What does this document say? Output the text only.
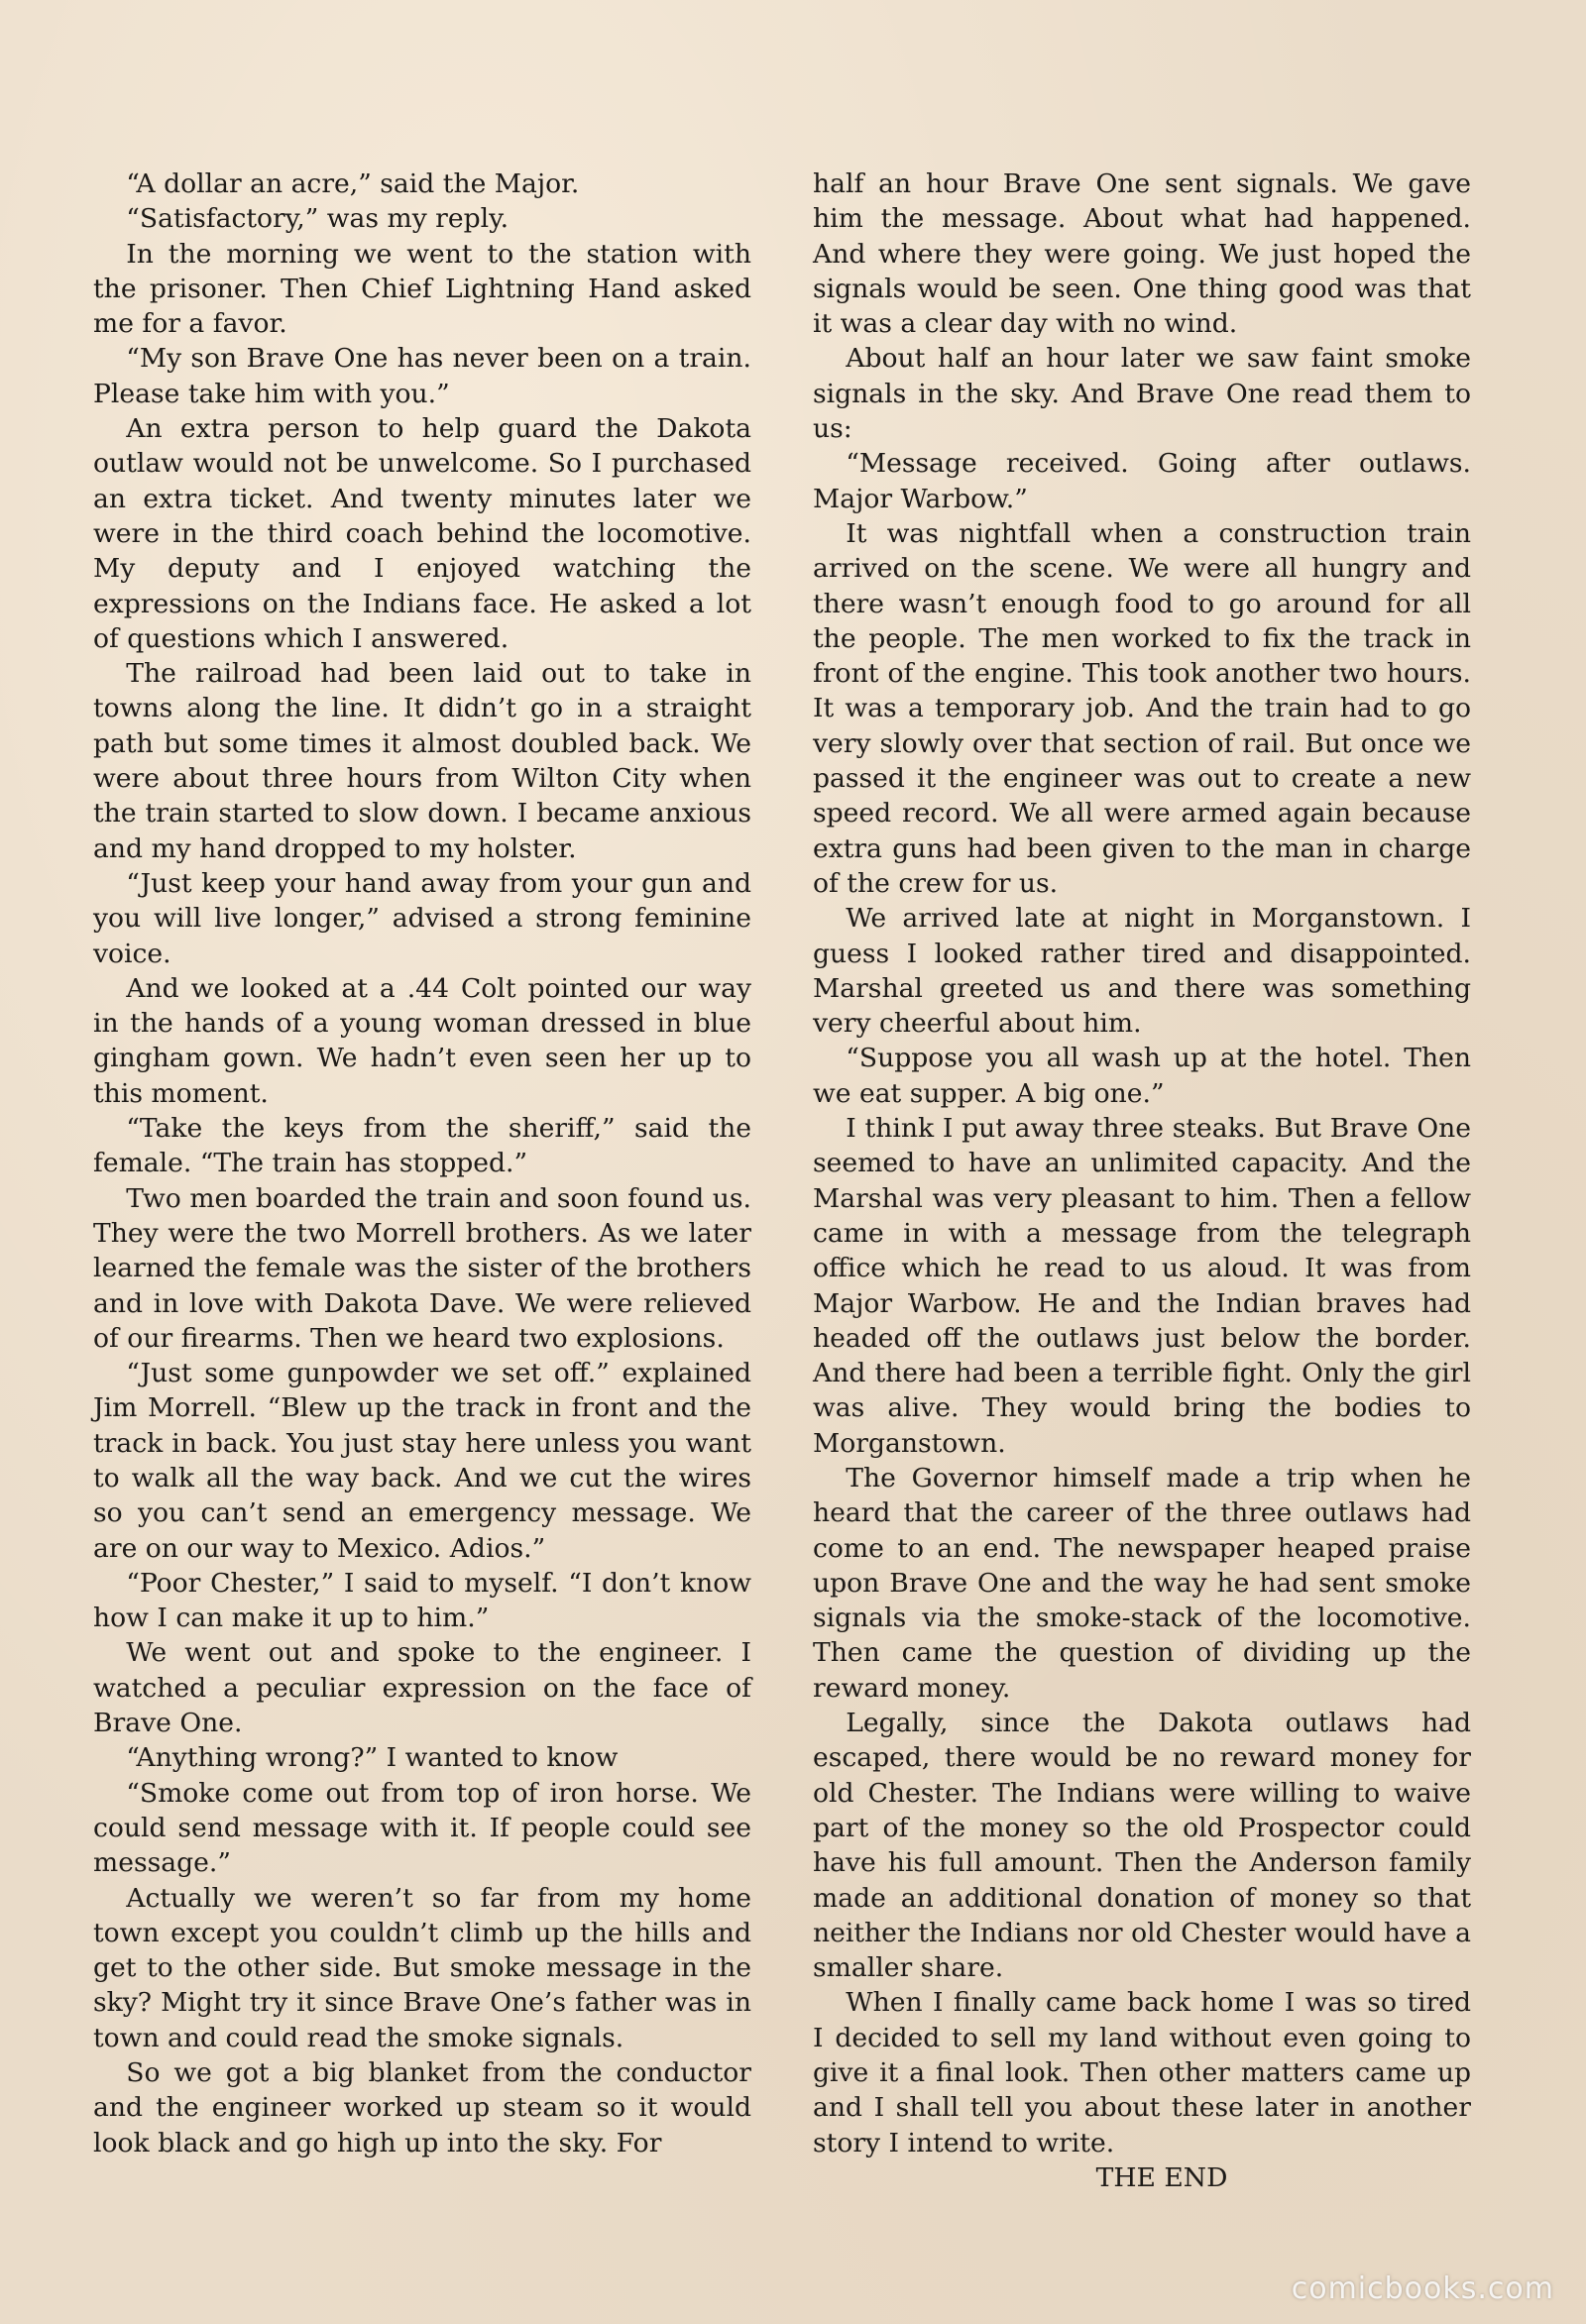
“A dollar an acre,” said the Major.

“Satisfactory,” was my reply.

In the morning we went to the station with the prisoner. Then Chief Lightning Hand asked me for a favor.

“My son Brave One has never been on a train. Please take him with you.”

An extra person to help guard the Dakota outlaw would not be unwelcome. So I purchased an extra ticket. And twenty minutes later we were in the third coach behind the locomotive. My deputy and I enjoyed watching the expressions on the Indians face. He asked a lot of questions which I answered.

The railroad had been laid out to take in towns along the line. It didn’t go in a straight path but some times it almost doubled back. We were about three hours from Wilton City when the train started to slow down. I became anxious and my hand dropped to my holster.

“Just keep your hand away from your gun and you will live longer,” advised a strong feminine voice.

And we looked at a .44 Colt pointed our way in the hands of a young woman dressed in blue gingham gown. We hadn’t even seen her up to this moment.

“Take the keys from the sheriff,” said the female. “The train has stopped.”

Two men boarded the train and soon found us. They were the two Morrell brothers. As we later learned the female was the sister of the brothers and in love with Dakota Dave. We were relieved of our firearms. Then we heard two explosions.

“Just some gunpowder we set off.” explained Jim Morrell. “Blew up the track in front and the track in back. You just stay here unless you want to walk all the way back. And we cut the wires so you can’t send an emergency message. We are on our way to Mexico. Adios.”

“Poor Chester,” I said to myself. “I don’t know how I can make it up to him.”

We went out and spoke to the engineer. I watched a peculiar expression on the face of Brave One.

“Anything wrong?” I wanted to know

“Smoke come out from top of iron horse. We could send message with it. If people could see message.”

Actually we weren’t so far from my home town except you couldn’t climb up the hills and get to the other side. But smoke message in the sky? Might try it since Brave One’s father was in town and could read the smoke signals.

So we got a big blanket from the conductor and the engineer worked up steam so it would look black and go high up into the sky. For

half an hour Brave One sent signals. We gave him the message. About what had happened. And where they were going. We just hoped the signals would be seen. One thing good was that it was a clear day with no wind.

About half an hour later we saw faint smoke signals in the sky. And Brave One read them to us:

“Message received. Going after outlaws. Major Warbow.”

It was nightfall when a construction train arrived on the scene. We were all hungry and there wasn’t enough food to go around for all the people. The men worked to fix the track in front of the engine. This took another two hours. It was a temporary job. And the train had to go very slowly over that section of rail. But once we passed it the engineer was out to create a new speed record. We all were armed again because extra guns had been given to the man in charge of the crew for us.

We arrived late at night in Morganstown. I guess I looked rather tired and disappointed. Marshal greeted us and there was something very cheerful about him.

“Suppose you all wash up at the hotel. Then we eat supper. A big one.”

I think I put away three steaks. But Brave One seemed to have an unlimited capacity. And the Marshal was very pleasant to him. Then a fellow came in with a message from the telegraph office which he read to us aloud. It was from Major Warbow. He and the Indian braves had headed off the outlaws just below the border. And there had been a terrible fight. Only the girl was alive. They would bring the bodies to Morganstown.

The Governor himself made a trip when he heard that the career of the three outlaws had come to an end. The newspaper heaped praise upon Brave One and the way he had sent smoke signals via the smoke-stack of the locomotive. Then came the question of dividing up the reward money.

Legally, since the Dakota outlaws had escaped, there would be no reward money for old Chester. The Indians were willing to waive part of the money so the old Prospector could have his full amount. Then the Anderson family made an additional donation of money so that neither the Indians nor old Chester would have a smaller share.

When I finally came back home I was so tired I decided to sell my land without even going to give it a final look. Then other matters came up and I shall tell you about these later in another story I intend to write.

THE END

comicbooks.com
